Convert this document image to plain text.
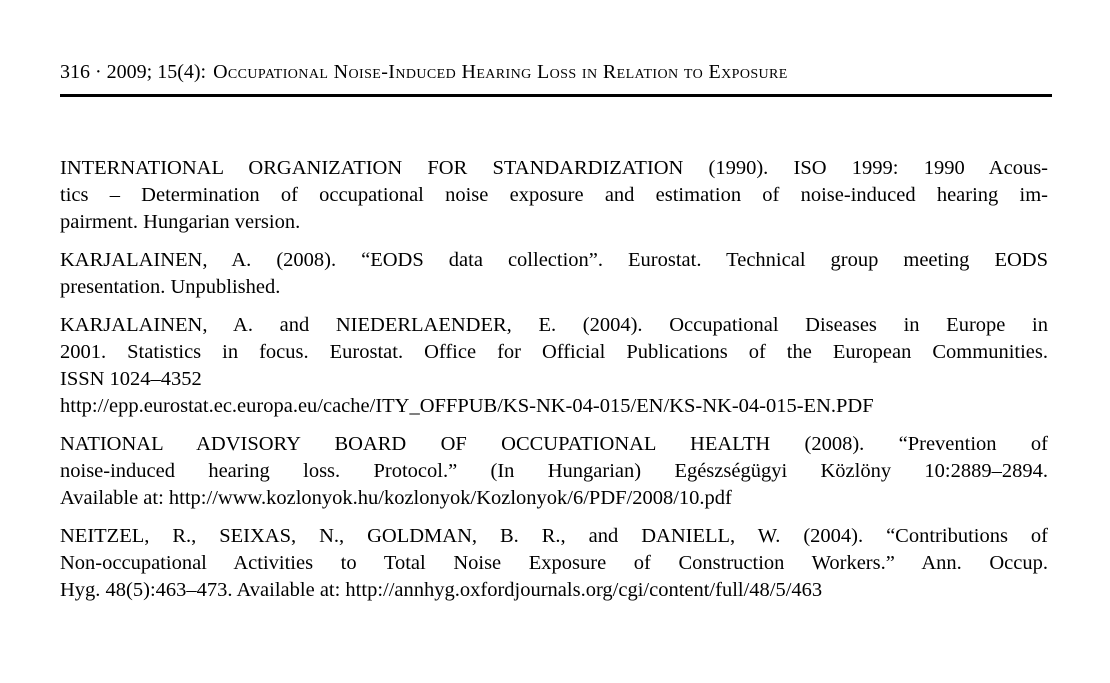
316 · 2009; 15(4): Occupational Noise-Induced Hearing Loss in Relation to Exposure

INTERNATIONAL ORGANIZATION FOR STANDARDIZATION (1990). ISO 1999: 1990 Acous-
tics – Determination of occupational noise exposure and estimation of noise-induced hearing im-
pairment. Hungarian version.

KARJALAINEN, A. (2008). “EODS data collection”. Eurostat. Technical group meeting EODS
presentation. Unpublished.

KARJALAINEN, A. and NIEDERLAENDER, E. (2004). Occupational Diseases in Europe in
2001. Statistics in focus. Eurostat. Office for Official Publications of the European Communities.
ISSN 1024–4352
http://epp.eurostat.ec.europa.eu/cache/ITY_OFFPUB/KS-NK-04-015/EN/KS-NK-04-015-EN.PDF

NATIONAL ADVISORY BOARD OF OCCUPATIONAL HEALTH (2008). “Prevention of
noise-induced hearing loss. Protocol.” (In Hungarian) Egészségügyi Közlöny 10:2889–2894.
Available at: http://www.kozlonyok.hu/kozlonyok/Kozlonyok/6/PDF/2008/10.pdf

NEITZEL, R., SEIXAS, N., GOLDMAN, B. R., and DANIELL, W. (2004). “Contributions of
Non-occupational Activities to Total Noise Exposure of Construction Workers.” Ann. Occup.
Hyg. 48(5):463–473. Available at: http://annhyg.oxfordjournals.org/cgi/content/full/48/5/463
